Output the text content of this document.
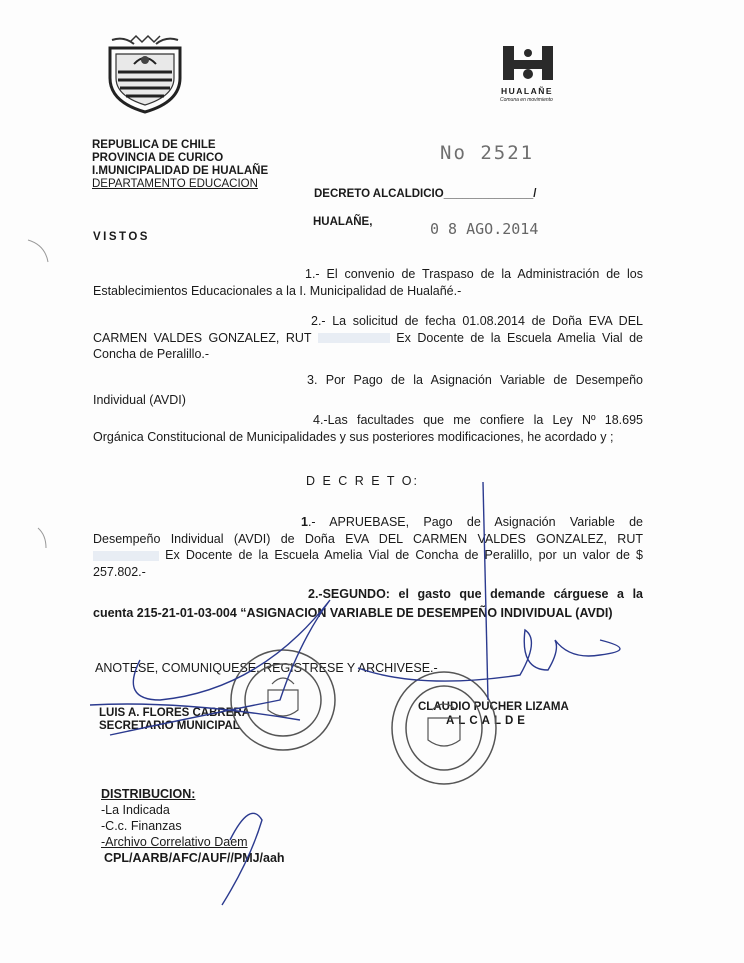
HUALAÑE
Comuna en movimiento
REPUBLICA DE CHILE
PROVINCIA DE CURICO
I.MUNICIPALIDAD DE HUALAÑE
DEPARTAMENTO EDUCACION
No 2521
DECRETO ALCALDICIO______________/
HUALAÑE,	0 8 AGO.2014
VISTOS
1.- El convenio de Traspaso de la Administración de los
Establecimientos Educacionales a la I. Municipalidad de Hualañé.-
2.- La solicitud de fecha 01.08.2014 de Doña EVA DEL
CARMEN VALDES GONZALEZ, RUT	Ex Docente de la Escuela Amelia Vial de
Concha de Peralillo.-
3. Por Pago de la Asignación Variable de Desempeño
Individual (AVDI)
4.-Las facultades que me confiere la Ley Nº 18.695
Orgánica Constitucional de Municipalidades y sus posteriores modificaciones, he acordado y ;
D E C R E T O:
1.- APRUEBASE, Pago de Asignación Variable de
Desempeño Individual (AVDI) de Doña EVA DEL CARMEN VALDES GONZALEZ, RUT
Ex Docente de la Escuela Amelia Vial de Concha de Peralillo, por un valor de $
257.802.-
2.-SEGUNDO: el gasto que demande cárguese a la
cuenta 215-21-01-03-004 “ASIGNACION VARIABLE DE DESEMPEÑO INDIVIDUAL (AVDI)
ANOTESE, COMUNIQUESE, REGISTRESE Y ARCHIVESE.-
LUIS A. FLORES CABRERA
SECRETARIO MUNICIPAL
CLAUDIO PUCHER LIZAMA
ALCALDE
DISTRIBUCION:
-La Indicada
-C.c. Finanzas
-Archivo Correlativo Daem
CPL/AARB/AFC/AUF//PMJ/aah
